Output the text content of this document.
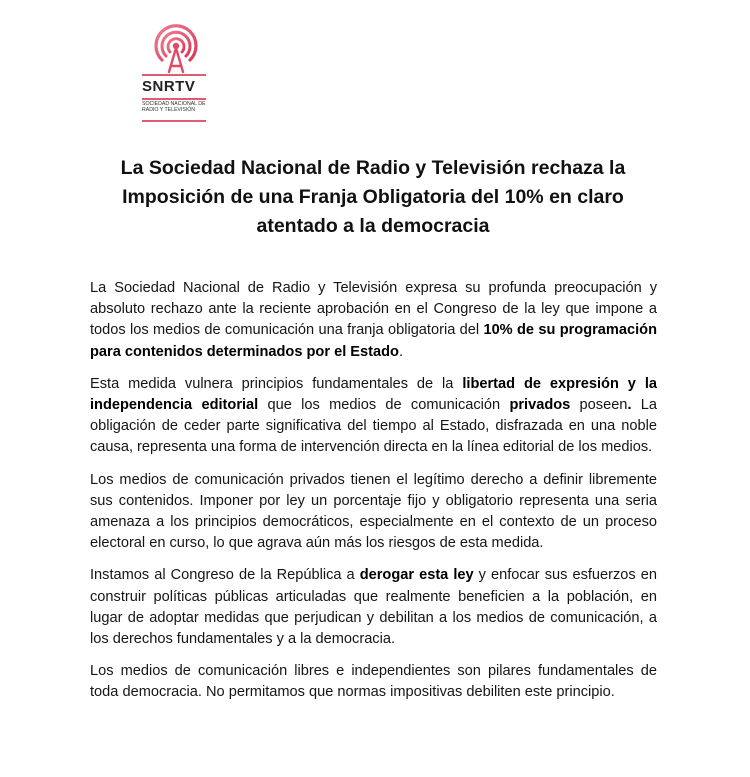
SNRTV
SOCIEDAD NACIONAL DE
RADIO Y TELEVISIÓN
La Sociedad Nacional de Radio y Televisión rechaza la Imposición de una Franja Obligatoria del 10% en claro atentado a la democracia

La Sociedad Nacional de Radio y Televisión expresa su profunda preocupación y absoluto rechazo ante la reciente aprobación en el Congreso de la ley que impone a todos los medios de comunicación una franja obligatoria del 10% de su programación para contenidos determinados por el Estado.

Esta medida vulnera principios fundamentales de la libertad de expresión y la independencia editorial que los medios de comunicación privados poseen. La obligación de ceder parte significativa del tiempo al Estado, disfrazada en una noble causa, representa una forma de intervención directa en la línea editorial de los medios.

Los medios de comunicación privados tienen el legítimo derecho a definir libremente sus contenidos. Imponer por ley un porcentaje fijo y obligatorio representa una seria amenaza a los principios democráticos, especialmente en el contexto de un proceso electoral en curso, lo que agrava aún más los riesgos de esta medida.

Instamos al Congreso de la República a derogar esta ley y enfocar sus esfuerzos en construir políticas públicas articuladas que realmente beneficien a la población, en lugar de adoptar medidas que perjudican y debilitan a los medios de comunicación, a los derechos fundamentales y a la democracia.

Los medios de comunicación libres e independientes son pilares fundamentales de toda democracia. No permitamos que normas impositivas debiliten este principio.
